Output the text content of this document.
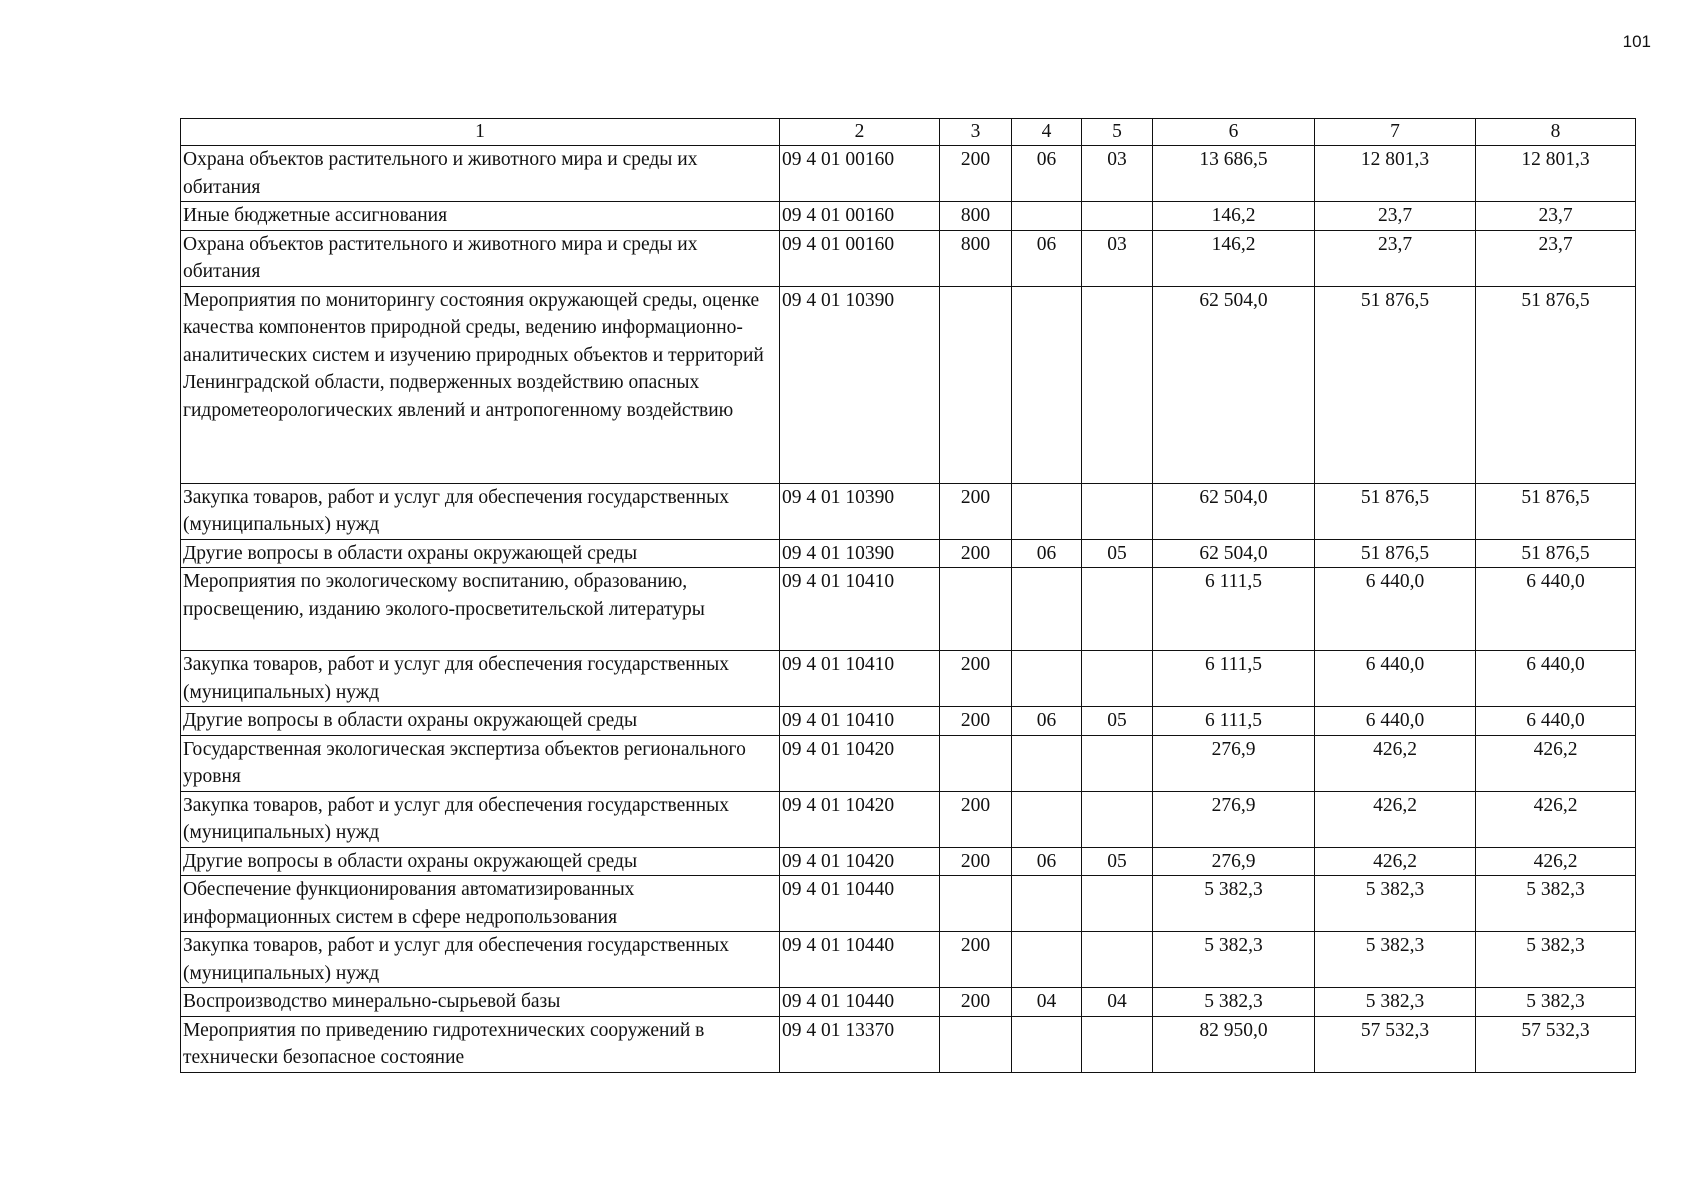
101
1	2	3	4	5	6	7	8
Охрана объектов растительного и животного мира и среды их обитания	09 4 01 00160	200	06	03	13 686,5	12 801,3	12 801,3
Иные бюджетные ассигнования	09 4 01 00160	800			146,2	23,7	23,7
Охрана объектов растительного и животного мира и среды их обитания	09 4 01 00160	800	06	03	146,2	23,7	23,7
Мероприятия по мониторингу состояния окружающей среды, оценке качества компонентов природной среды, ведению информационно-аналитических систем и изучению природных объектов и территорий Ленинградской области, подверженных воздействию опасных гидрометеорологических явлений и антропогенному воздействию	09 4 01 10390				62 504,0	51 876,5	51 876,5
Закупка товаров, работ и услуг для обеспечения государственных (муниципальных) нужд	09 4 01 10390	200			62 504,0	51 876,5	51 876,5
Другие вопросы в области охраны окружающей среды	09 4 01 10390	200	06	05	62 504,0	51 876,5	51 876,5
Мероприятия по экологическому воспитанию, образованию, просвещению, изданию эколого-просветительской литературы	09 4 01 10410				6 111,5	6 440,0	6 440,0
Закупка товаров, работ и услуг для обеспечения государственных (муниципальных) нужд	09 4 01 10410	200			6 111,5	6 440,0	6 440,0
Другие вопросы в области охраны окружающей среды	09 4 01 10410	200	06	05	6 111,5	6 440,0	6 440,0
Государственная экологическая экспертиза объектов регионального уровня	09 4 01 10420				276,9	426,2	426,2
Закупка товаров, работ и услуг для обеспечения государственных (муниципальных) нужд	09 4 01 10420	200			276,9	426,2	426,2
Другие вопросы в области охраны окружающей среды	09 4 01 10420	200	06	05	276,9	426,2	426,2
Обеспечение функционирования автоматизированных информационных систем в сфере недропользования	09 4 01 10440				5 382,3	5 382,3	5 382,3
Закупка товаров, работ и услуг для обеспечения государственных (муниципальных) нужд	09 4 01 10440	200			5 382,3	5 382,3	5 382,3
Воспроизводство минерально-сырьевой базы	09 4 01 10440	200	04	04	5 382,3	5 382,3	5 382,3
Мероприятия по приведению гидротехнических сооружений в технически безопасное состояние	09 4 01 13370				82 950,0	57 532,3	57 532,3
